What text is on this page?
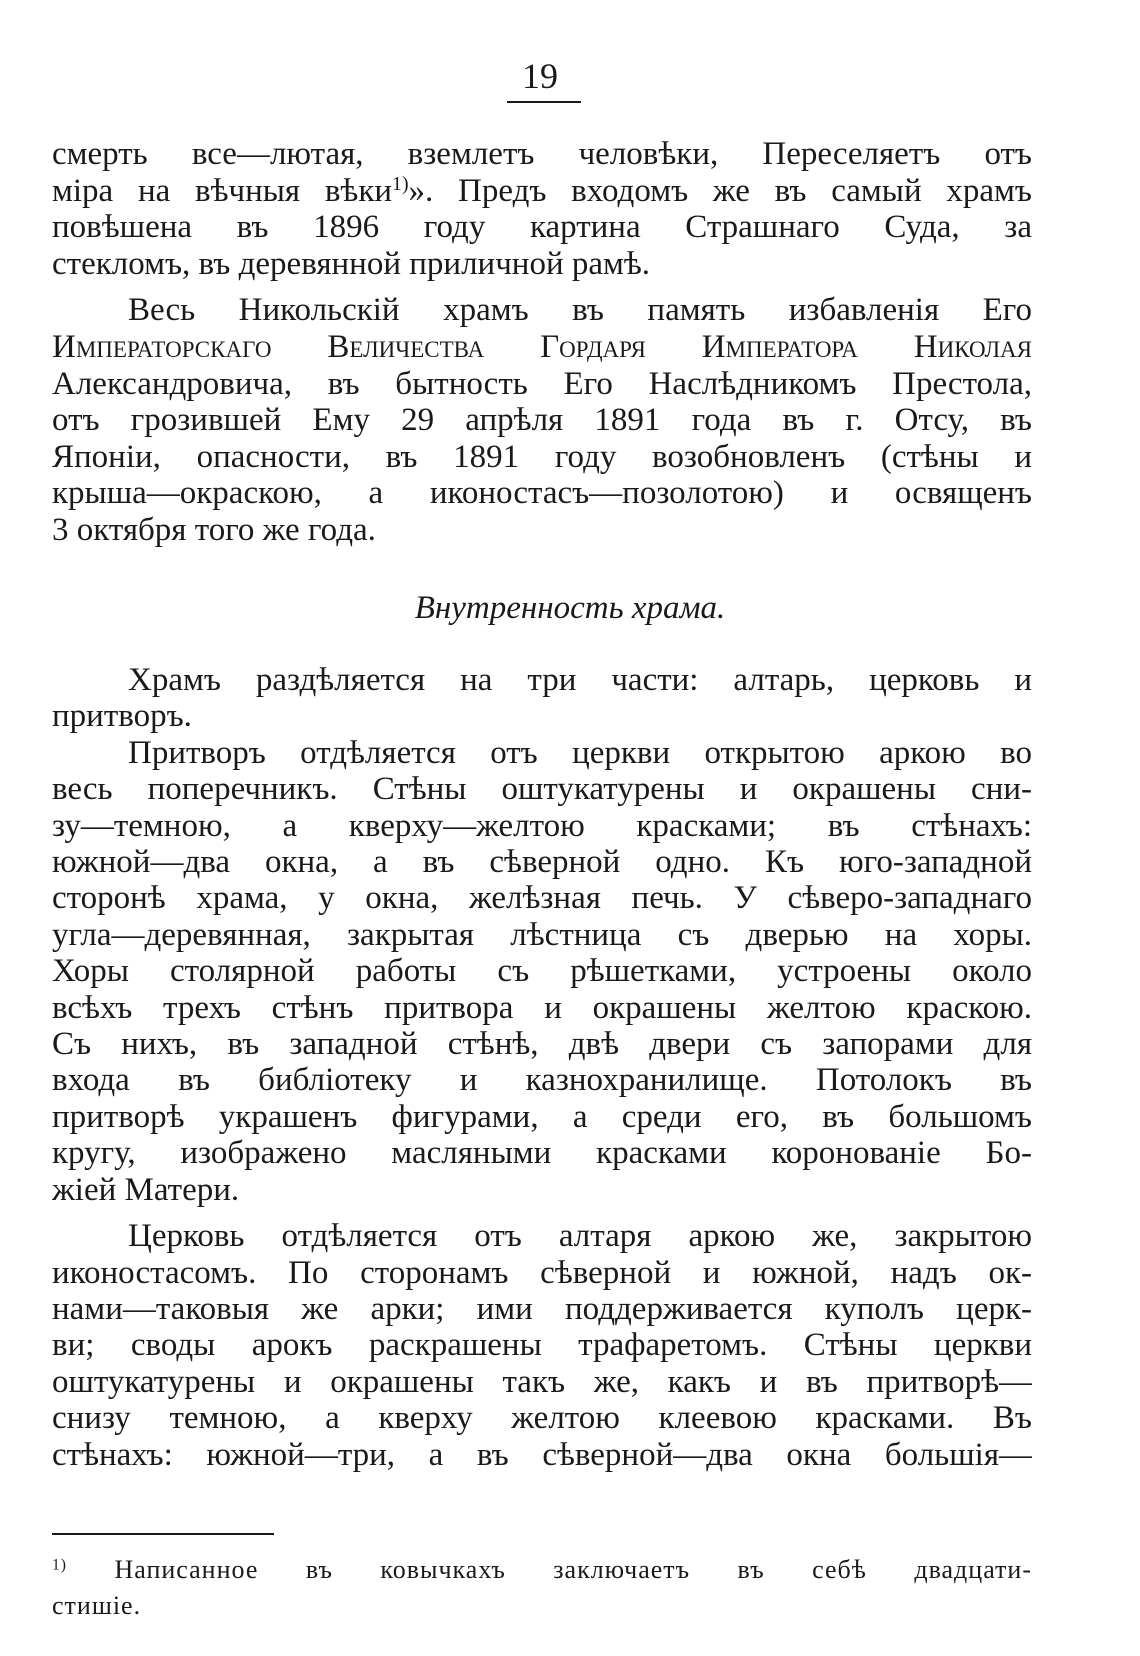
19
смерть все—лютая, вземлетъ человѣки, Переселяетъ отъ
міра на вѣчныя вѣки$^{1)}$». Предъ входомъ же въ самый храмъ
повѣшена въ 1896 году картина Страшнаго Суда, за
стекломъ, въ деревянной приличной рамѣ.
Весь Никольскій храмъ въ память избавленія Его
Императорскаго Величества Гордаря Императора Николая
Александровича, въ бытность Его Наслѣдникомъ Престола,
отъ грозившей Ему 29 апрѣля 1891 года въ г. Отсу, въ
Японіи, опасности, въ 1891 году возобновленъ (стѣны и
крыша—окраскою, а иконостасъ—позолотою) и освященъ
3 октября того же года.
Внутренность храма.
Храмъ раздѣляется на три части: алтарь, церковь и
притворъ.
Притворъ отдѣляется отъ церкви открытою аркою во
весь поперечникъ. Стѣны оштукатурены и окрашены сни-
зу—темною, а кверху—желтою красками; въ стѣнахъ:
южной—два окна, а въ сѣверной одно. Къ юго-западной
сторонѣ храма, у окна, желѣзная печь. У сѣверо-западнаго
угла—деревянная, закрытая лѣстница съ дверью на хоры.
Хоры столярной работы съ рѣшетками, устроены около
всѣхъ трехъ стѣнъ притвора и окрашены желтою краскою.
Съ нихъ, въ западной стѣнѣ, двѣ двери съ запорами для
входа въ библіотеку и казнохранилище. Потолокъ въ
притворѣ украшенъ фигурами, а среди его, въ большомъ
кругу, изображено масляными красками коронованіе Бо-
жіей Матери.
Церковь отдѣляется отъ алтаря аркою же, закрытою
иконостасомъ. По сторонамъ сѣверной и южной, надъ ок-
нами—таковыя же арки; ими поддерживается куполъ церк-
ви; своды арокъ раскрашены трафаретомъ. Стѣны церкви
оштукатурены и окрашены такъ же, какъ и въ притворѣ—
снизу темною, а кверху желтою клеевою красками. Въ
стѣнахъ: южной—три, а въ сѣверной—два окна большія—
$^{1)}$ Написанное въ ковычкахъ заключаетъ въ себѣ двадцати-
стишіе.
